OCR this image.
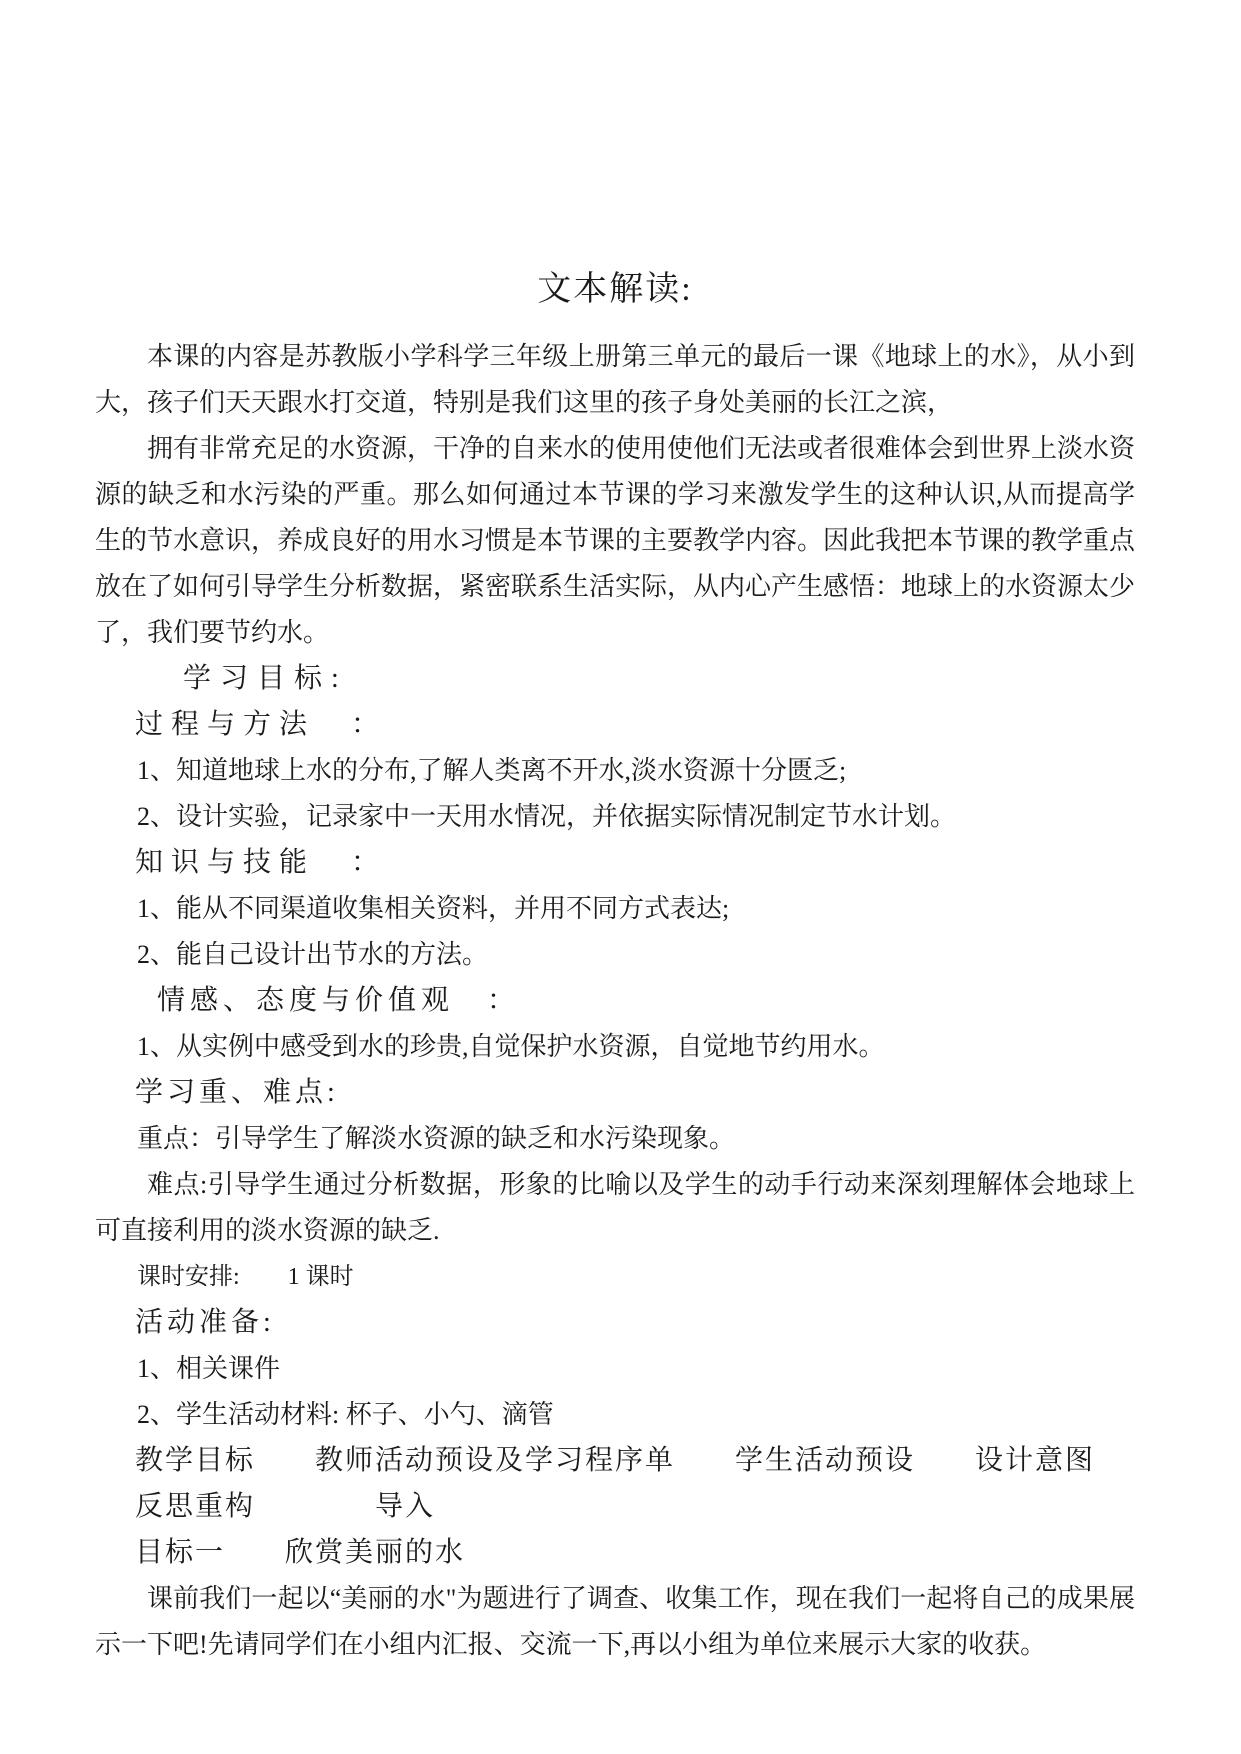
文本解读:

本课的内容是苏教版小学科学三年级上册第三单元的最后一课《地球上的水》，从小到大，孩子们天天跟水打交道，特别是我们这里的孩子身处美丽的长江之滨，

拥有非常充足的水资源，干净的自来水的使用使他们无法或者很难体会到世界上淡水资源的缺乏和水污染的严重。那么如何通过本节课的学习来激发学生的这种认识,从而提高学生的节水意识，养成良好的用水习惯是本节课的主要教学内容。因此我把本节课的教学重点放在了如何引导学生分析数据，紧密联系生活实际，从内心产生感悟：地球上的水资源太少了，我们要节约水。

学习目标:
过程与方法　：

1、知道地球上水的分布,了解人类离不开水,淡水资源十分匮乏;

2、设计实验，记录家中一天用水情况，并依据实际情况制定节水计划。

知识与技能　：

1、能从不同渠道收集相关资料，并用不同方式表达;

2、能自己设计出节水的方法。

情感、态度与价值观　：

1、从实例中感受到水的珍贵,自觉保护水资源，自觉地节约用水。

学习重、难点:

重点：引导学生了解淡水资源的缺乏和水污染现象。

难点:引导学生通过分析数据，形象的比喻以及学生的动手行动来深刻理解体会地球上可直接利用的淡水资源的缺乏.

课时安排:　　1 课时

活动准备:

1、相关课件

2、学生活动材料: 杯子、小勺、滴管

教学目标　　教师活动预设及学习程序单　　学生活动预设　　设计意图
反思重构　　　　导入
目标一　　欣赏美丽的水

课前我们一起以“美丽的水"为题进行了调查、收集工作，现在我们一起将自己的成果展示一下吧!先请同学们在小组内汇报、交流一下,再以小组为单位来展示大家的收获。
